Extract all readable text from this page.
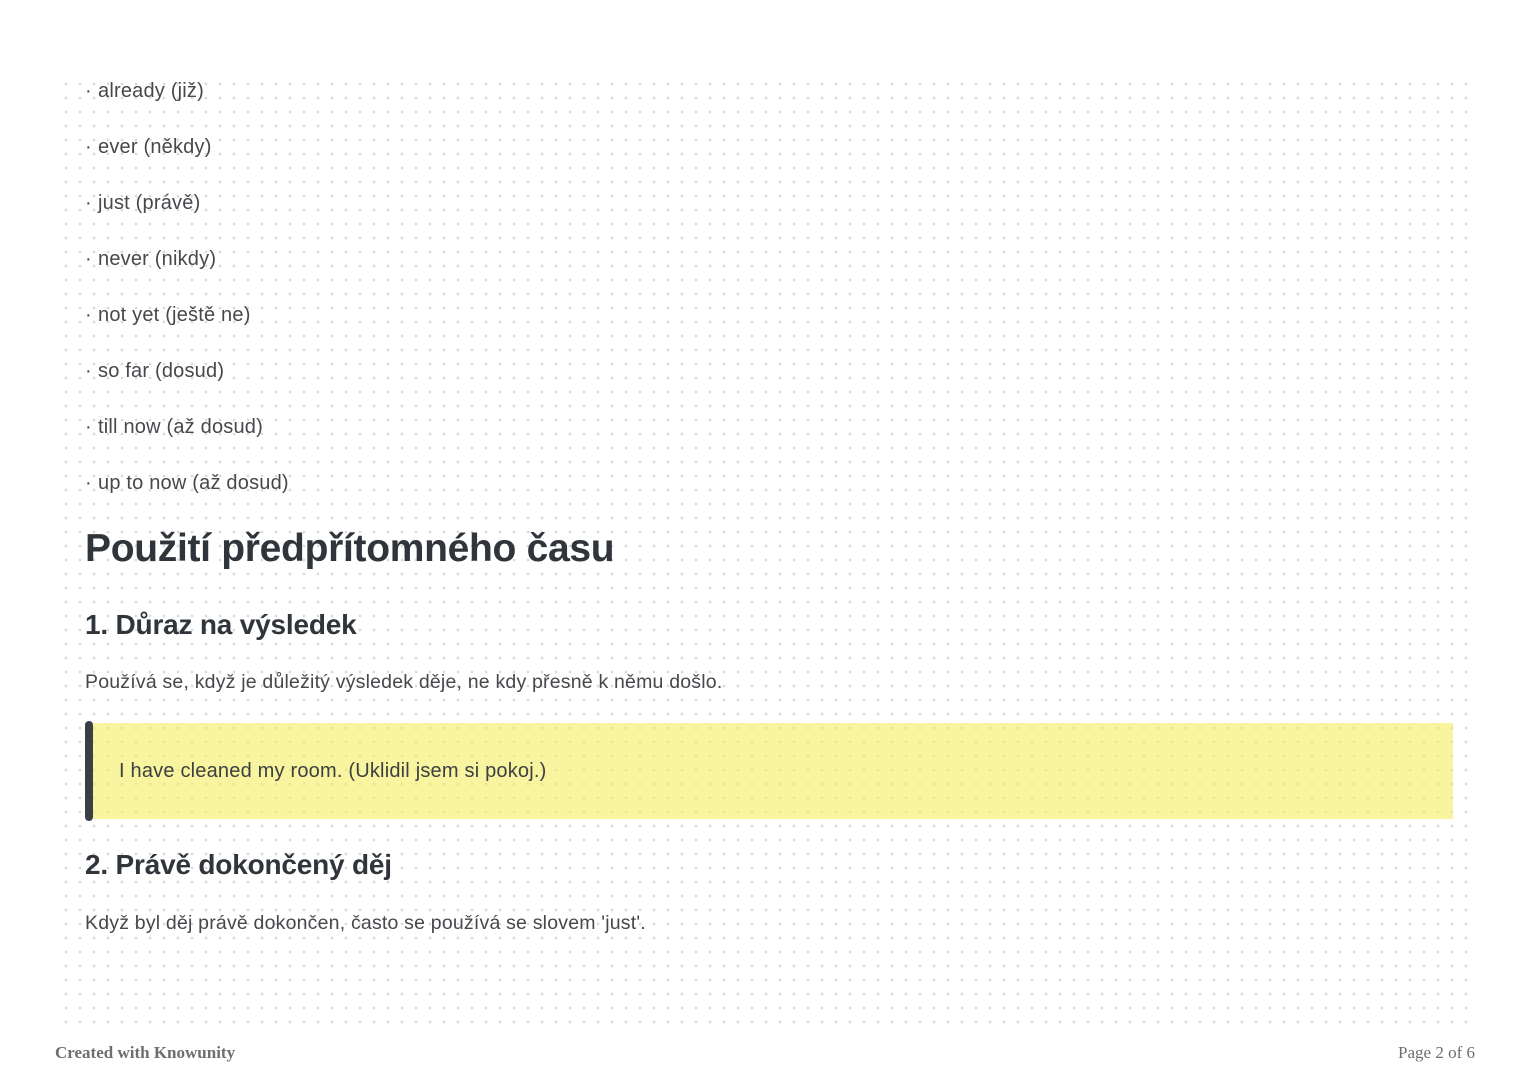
· already (již)
· ever (někdy)
· just (právě)
· never (nikdy)
· not yet (ještě ne)
· so far (dosud)
· till now (až dosud)
· up to now (až dosud)
Použití předpřítomného času
1. Důraz na výsledek

Používá se, když je důležitý výsledek děje, ne kdy přesně k němu došlo.

I have cleaned my room. (Uklidil jsem si pokoj.)
2. Právě dokončený děj

Když byl děj právě dokončen, často se používá se slovem 'just'.

Created with Knowunity	Page 2 of 6
